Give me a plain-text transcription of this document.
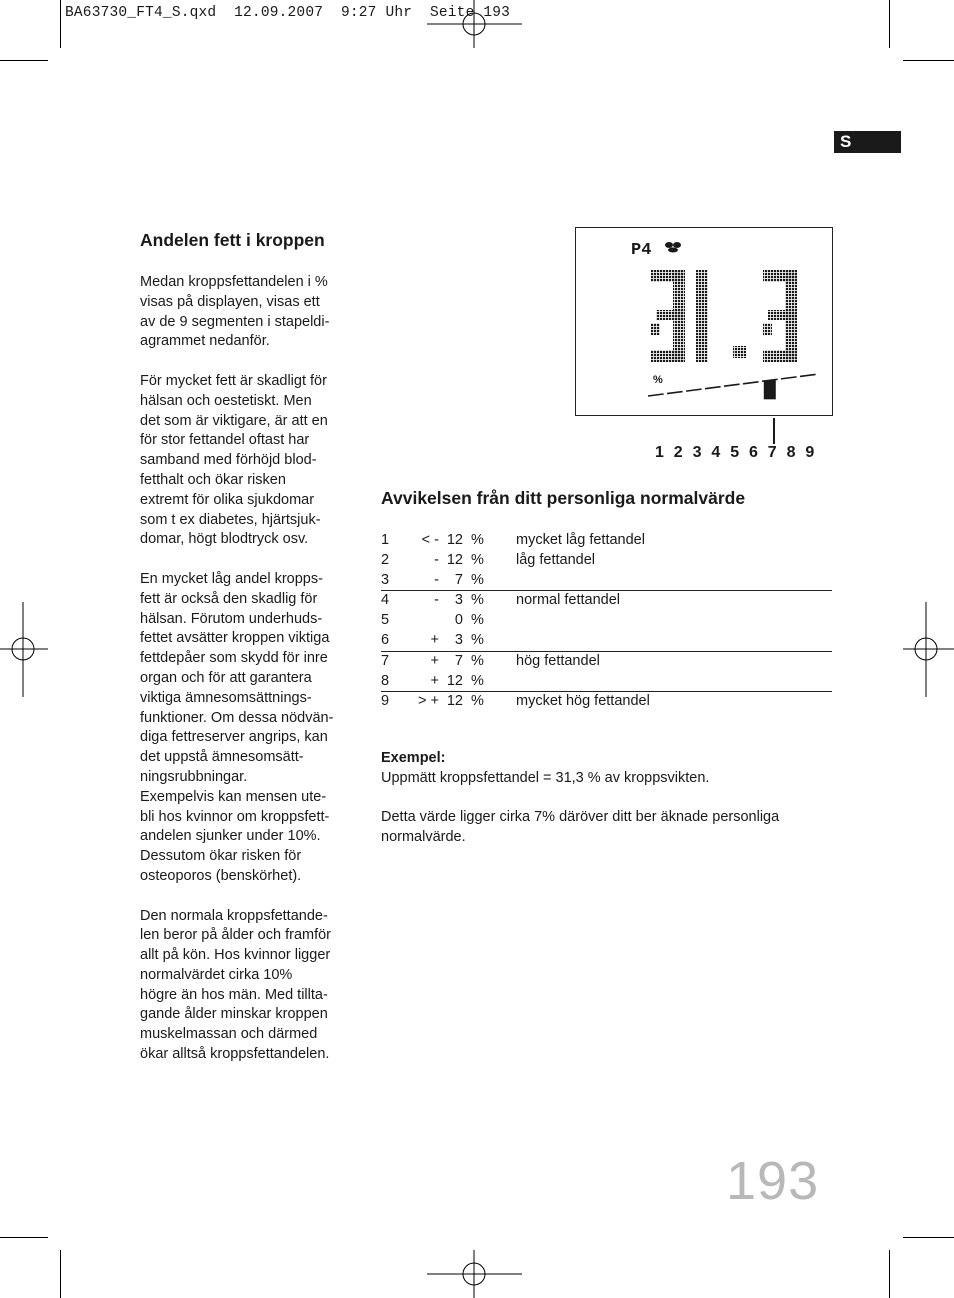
BA63730_FT4_S.qxd  12.09.2007  9:27 Uhr  Seite 193
S
Andelen fett i kroppen

Medan kroppsfettandelen i %
visas på displayen, visas ett
av de 9 segmenten i stapeldi-
agrammet nedanför.

För mycket fett är skadligt för
hälsan och oestetiskt. Men
det som är viktigare, är att en
för stor fettandel oftast har
samband med förhöjd blod-
fetthalt och ökar risken
extremt för olika sjukdomar
som t ex diabetes, hjärtsjuk-
domar, högt blodtryck osv.

En mycket låg andel kropps-
fett är också den skadlig för
hälsan. Förutom underhuds-
fettet avsätter kroppen viktiga
fettdepåer som skydd för inre
organ och för att garantera
viktiga ämnesomsättnings-
funktioner. Om dessa nödvän-
diga fettreserver angrips, kan
det uppstå ämnesomsätt-
ningsrubbningar.
Exempelvis kan mensen ute-
bli hos kvinnor om kroppsfett-
andelen sjunker under 10%.
Dessutom ökar risken för
osteoporos (benskörhet).

Den normala kroppsfettande-
len beror på ålder och framför
allt på kön. Hos kvinnor ligger
normalvärdet cirka 10%
högre än hos män. Med tillta-
gande ålder minskar kroppen
muskelmassan och därmed
ökar alltså kroppsfettandelen.

P4
%
1 2 3 4 5 6 7 8 9
Avvikelsen från ditt personliga normalvärde
1	< -	12	%	mycket låg fettandel
2	-	12	%	låg fettandel
3	-	7	%	
4	-	3	%	normal fettandel
5		0	%	
6	+	3	%	
7	+	7	%	hög fettandel
8	+	12	%	
9	> +	12	%	mycket hög fettandel

Exempel:

Uppmätt kroppsfettandel = 31,3 % av kroppsvikten.

Detta värde ligger cirka 7% däröver ditt ber äknade personliga
normalvärde.

193
